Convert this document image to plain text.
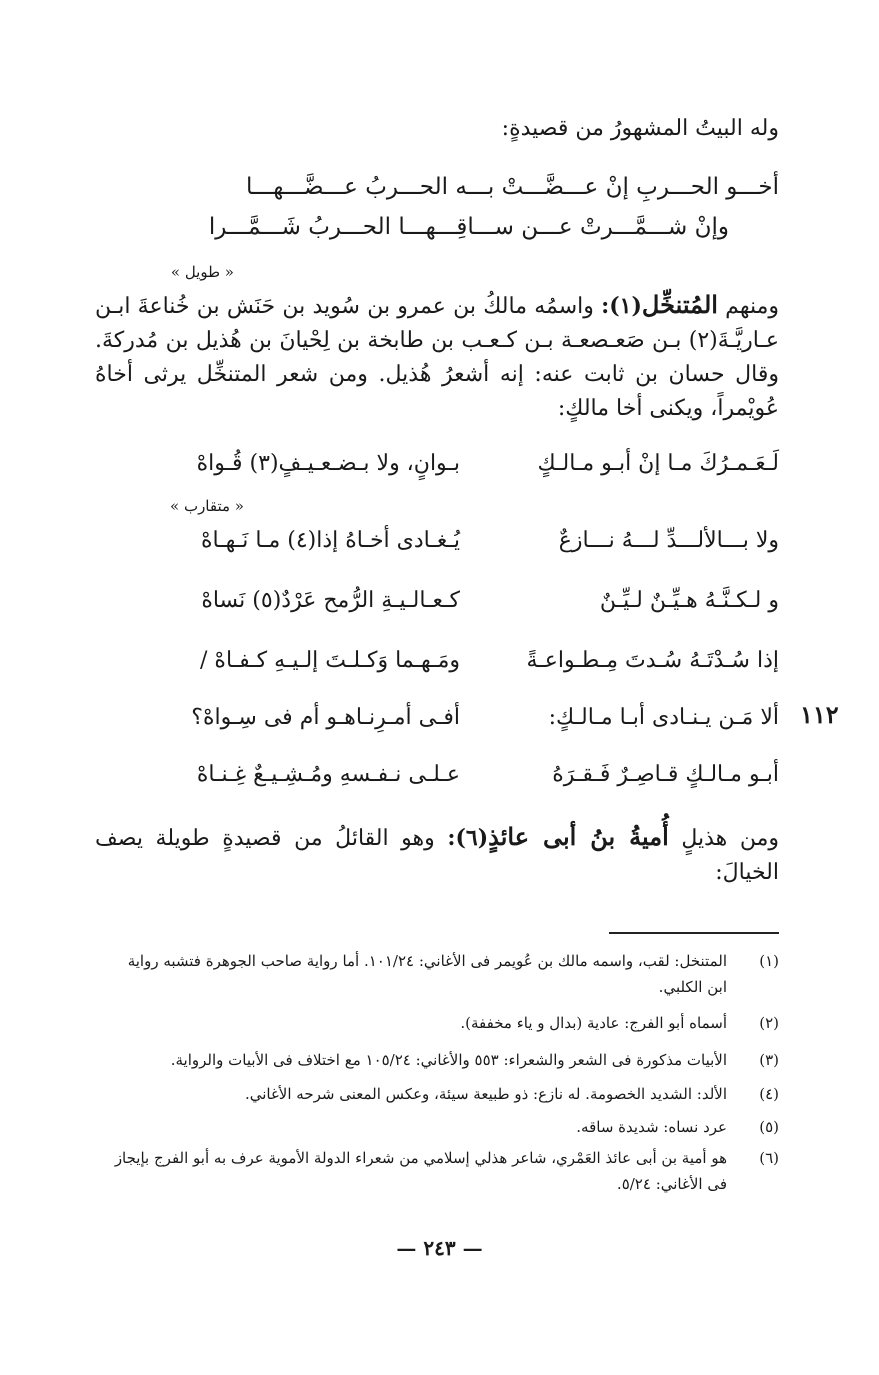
وله البيتُ المشهورُ من قصيدةٍ:
أخـــو الحـــربِ إنْ عـــضَّـــتْ بـــه الحـــربُ عـــضَّـــهـــا
وإنْ شـــمَّـــرتْ عـــن ســـاقِـــهـــا الحـــربُ شَـــمَّـــرا
« طويل »
ومنهم المُتنخِّل(١): واسمُه مالكُ بن عمرو بن سُويد بن حَنَش بن خُناعةَ ابـن عـاريَّـةَ(٢) بـن صَعـصعـة بـن كـعـب بن طابخة بن لِحْيانَ بن هُذيل بن مُدركةَ. وقال حسان بن ثابت عنه: إنه أشعرُ هُذيل. ومن شعر المتنخِّل يرثى أخاهُ عُويْمراً، ويكنى أخا مالكٍ:
لَـعَـمـرُكَ مـا إنْ أبـو مـالـكٍ
بـوانٍ، ولا بـضـعـيـفٍ(٣) قُـواهْ
« متقارب »
ولا بـــالألـــدِّ لـــهُ نـــازعٌ
يُـغـادى أخـاهُ إذا(٤) مـا نَـهـاهْ
و لـكـنَّـهُ هـيِّـنٌ لـيِّـنٌ
كـعـالـيـةِ الرُّمح عَرْدٌ(٥) نَساهْ
إذا سُـدْتَـهُ سُـدتَ مِـطـواعـةً
ومَـهـما وَكـلـتَ إلـيـهِ كـفـاهْ /
ألا مَـن يـنـادى أبـا مـالـكٍ:
أفـى أمـرِنـاهـو أم فى سِـواهْ؟	١١٢
أبـو مـالـكٍ قـاصِـرٌ فَـقـرَهُ
عـلـى نـفـسهِ ومُـشِـيـعٌ غِـنـاهْ
ومن هذيلٍ أُميةُ بنُ أبى عائذٍ(٦): وهو القائلُ من قصيدةٍ طويلة يصف الخيالَ:
(١)
المتنخل: لقب، واسمه مالك بن عُويمر فى الأغاني: ١٠١/٢٤. أما رواية صاحب الجوهرة فتشبه رواية ابن الكلبي.
(٢)
أسماه أبو الفرج: عادية (بدال و ياء مخففة).
(٣)
الأبيات مذكورة فى الشعر والشعراء: ٥٥٣ والأغاني: ١٠٥/٢٤ مع اختلاف فى الأبيات والرواية.
(٤)
الألد: الشديد الخصومة. له نازع: ذو طبيعة سيئة، وعكس المعنى شرحه الأغاني.
(٥)
عرد نساه: شديدة ساقه.
(٦)
هو أمية بن أبى عائذ العَمْري، شاعر هذلي إسلامي من شعراء الدولة الأموية عرف به أبو الفرج بإيجاز فى الأغاني: ٥/٢٤.
— ٢٤٣ —
